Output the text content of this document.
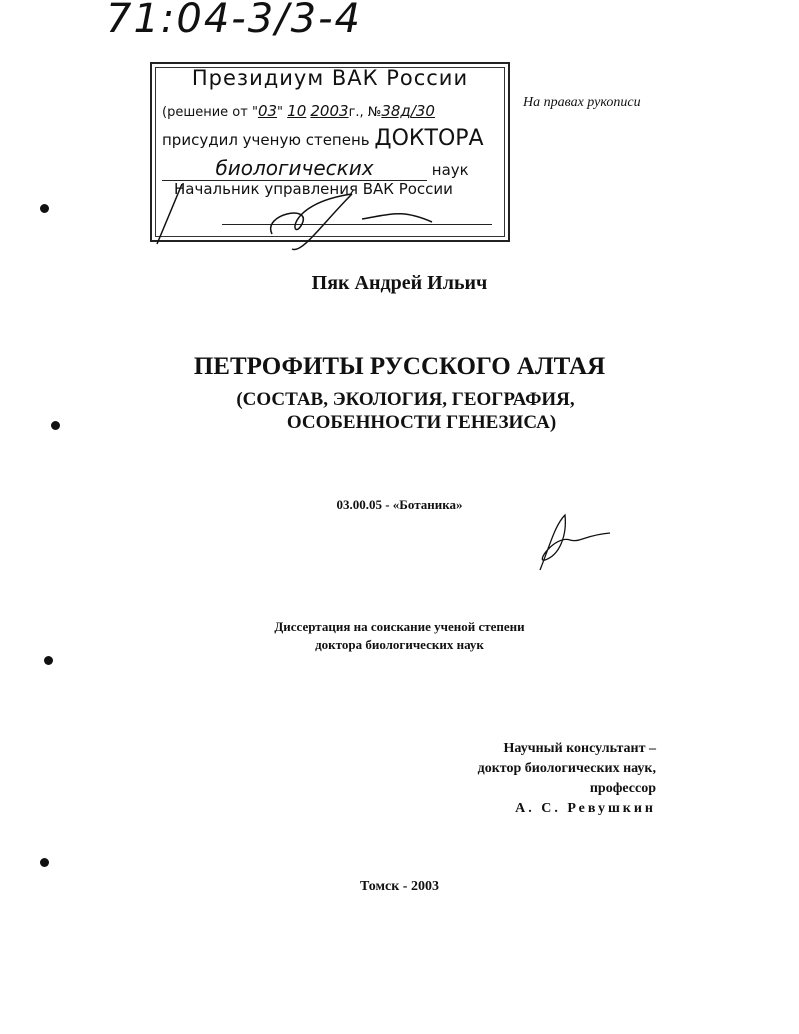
71:04-3/3-4
Президиум ВАК России
(решение от "03" 10 2003г., №38д/30
присудил ученую степень ДОКТОРА
биологических	наук
Начальник управления ВАК России
На правах рукописи
Пяк Андрей Ильич
ПЕТРОФИТЫ РУССКОГО АЛТАЯ
(СОСТАВ, ЭКОЛОГИЯ, ГЕОГРАФИЯ,
ОСОБЕННОСТИ ГЕНЕЗИСА)
03.00.05 - «Ботаника»
Диссертация на соискание ученой степени
доктора биологических наук
Научный консультант –
доктор биологических наук,
профессор
А. С. Ревушкин
Томск - 2003
